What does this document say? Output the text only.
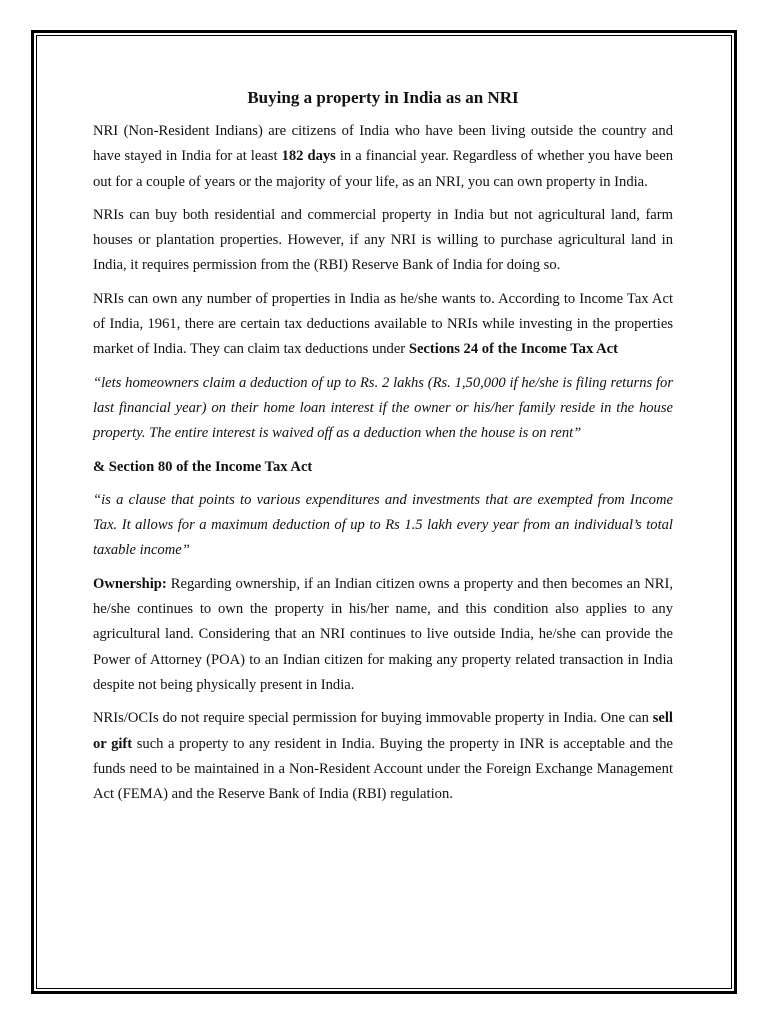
Buying a property in India as an NRI

NRI (Non-Resident Indians) are citizens of India who have been living outside the country and have stayed in India for at least 182 days in a financial year. Regardless of whether you have been out for a couple of years or the majority of your life, as an NRI, you can own property in India.

NRIs can buy both residential and commercial property in India but not agricultural land, farm houses or plantation properties. However, if any NRI is willing to purchase agricultural land in India, it requires permission from the (RBI) Reserve Bank of India for doing so.

NRIs can own any number of properties in India as he/she wants to. According to Income Tax Act of India, 1961, there are certain tax deductions available to NRIs while investing in the properties market of India. They can claim tax deductions under Sections 24 of the Income Tax Act

“lets homeowners claim a deduction of up to Rs. 2 lakhs (Rs. 1,50,000 if he/she is filing returns for last financial year) on their home loan interest if the owner or his/her family reside in the house property. The entire interest is waived off as a deduction when the house is on rent”

& Section 80 of the Income Tax Act

“is a clause that points to various expenditures and investments that are exempted from Income Tax. It allows for a maximum deduction of up to Rs 1.5 lakh every year from an individual’s total taxable income”

Ownership: Regarding ownership, if an Indian citizen owns a property and then becomes an NRI, he/she continues to own the property in his/her name, and this condition also applies to any agricultural land. Considering that an NRI continues to live outside India, he/she can provide the Power of Attorney (POA) to an Indian citizen for making any property related transaction in India despite not being physically present in India.

NRIs/OCIs do not require special permission for buying immovable property in India. One can sell or gift such a property to any resident in India. Buying the property in INR is acceptable and the funds need to be maintained in a Non-Resident Account under the Foreign Exchange Management Act (FEMA) and the Reserve Bank of India (RBI) regulation.
